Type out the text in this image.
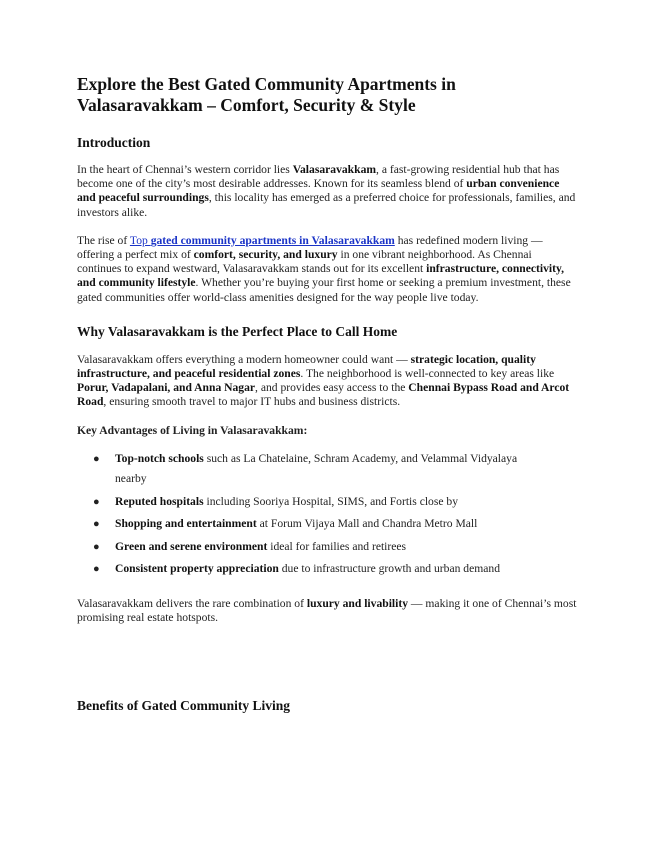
Explore the Best Gated Community Apartments in Valasaravakkam – Comfort, Security & Style
Introduction

In the heart of Chennai’s western corridor lies Valasaravakkam, a fast-growing residential hub that has become one of the city’s most desirable addresses. Known for its seamless blend of urban convenience and peaceful surroundings, this locality has emerged as a preferred choice for professionals, families, and investors alike.

The rise of Top gated community apartments in Valasaravakkam has redefined modern living — offering a perfect mix of comfort, security, and luxury in one vibrant neighborhood. As Chennai continues to expand westward, Valasaravakkam stands out for its excellent infrastructure, connectivity, and community lifestyle. Whether you’re buying your first home or seeking a premium investment, these gated communities offer world-class amenities designed for the way people live today.

Why Valasaravakkam is the Perfect Place to Call Home

Valasaravakkam offers everything a modern homeowner could want — strategic location, quality infrastructure, and peaceful residential zones. The neighborhood is well-connected to key areas like Porur, Vadapalani, and Anna Nagar, and provides easy access to the Chennai Bypass Road and Arcot Road, ensuring smooth travel to major IT hubs and business districts.

Key Advantages of Living in Valasaravakkam:

● Top-notch schools such as La Chatelaine, Schram Academy, and Velammal Vidyalaya
nearby
● Reputed hospitals including Sooriya Hospital, SIMS, and Fortis close by
● Shopping and entertainment at Forum Vijaya Mall and Chandra Metro Mall
● Green and serene environment ideal for families and retirees
● Consistent property appreciation due to infrastructure growth and urban demand

Valasaravakkam delivers the rare combination of luxury and livability — making it one of Chennai’s most promising real estate hotspots.

Benefits of Gated Community Living
